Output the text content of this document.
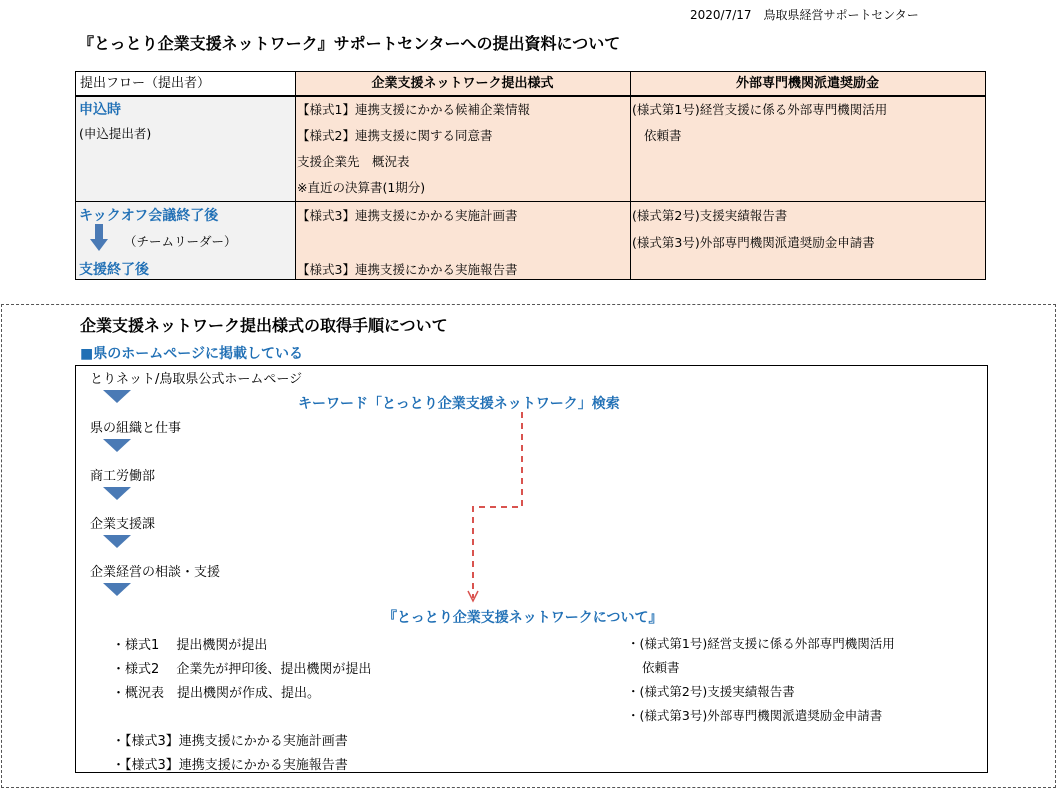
2020/7/17　鳥取県経営サポートセンター
『とっとり企業支援ネットワーク』サポートセンターへの提出資料について
提出フロー（提出者）	企業支援ネットワーク提出様式	外部専門機関派遣奨励金
申込時
(申込提出者)
【様式1】連携支援にかかる候補企業情報
【様式2】連携支援に関する同意書
支援企業先　概況表
※直近の決算書(1期分)
(様式第1号)経営支援に係る外部専門機関活用
依頼書
キックオフ会議終了後
（チームリーダー）
支援終了後
【様式3】連携支援にかかる実施計画書
【様式3】連携支援にかかる実施報告書
(様式第2号)支援実績報告書
(様式第3号)外部専門機関派遣奨励金申請書
企業支援ネットワーク提出様式の取得手順について
■県のホームページに掲載している
とりネット/鳥取県公式ホームページ
県の組織と仕事
商工労働部
企業支援課
企業経営の相談・支援
キーワード「とっとり企業支援ネットワーク」検索
『とっとり企業支援ネットワークについて』
・様式1　 提出機関が提出
・様式2　 企業先が押印後、提出機関が提出
・概況表　提出機関が作成、提出。
・【様式3】連携支援にかかる実施計画書
・【様式3】連携支援にかかる実施報告書
・(様式第1号)経営支援に係る外部専門機関活用
依頼書
・(様式第2号)支援実績報告書
・(様式第3号)外部専門機関派遣奨励金申請書
